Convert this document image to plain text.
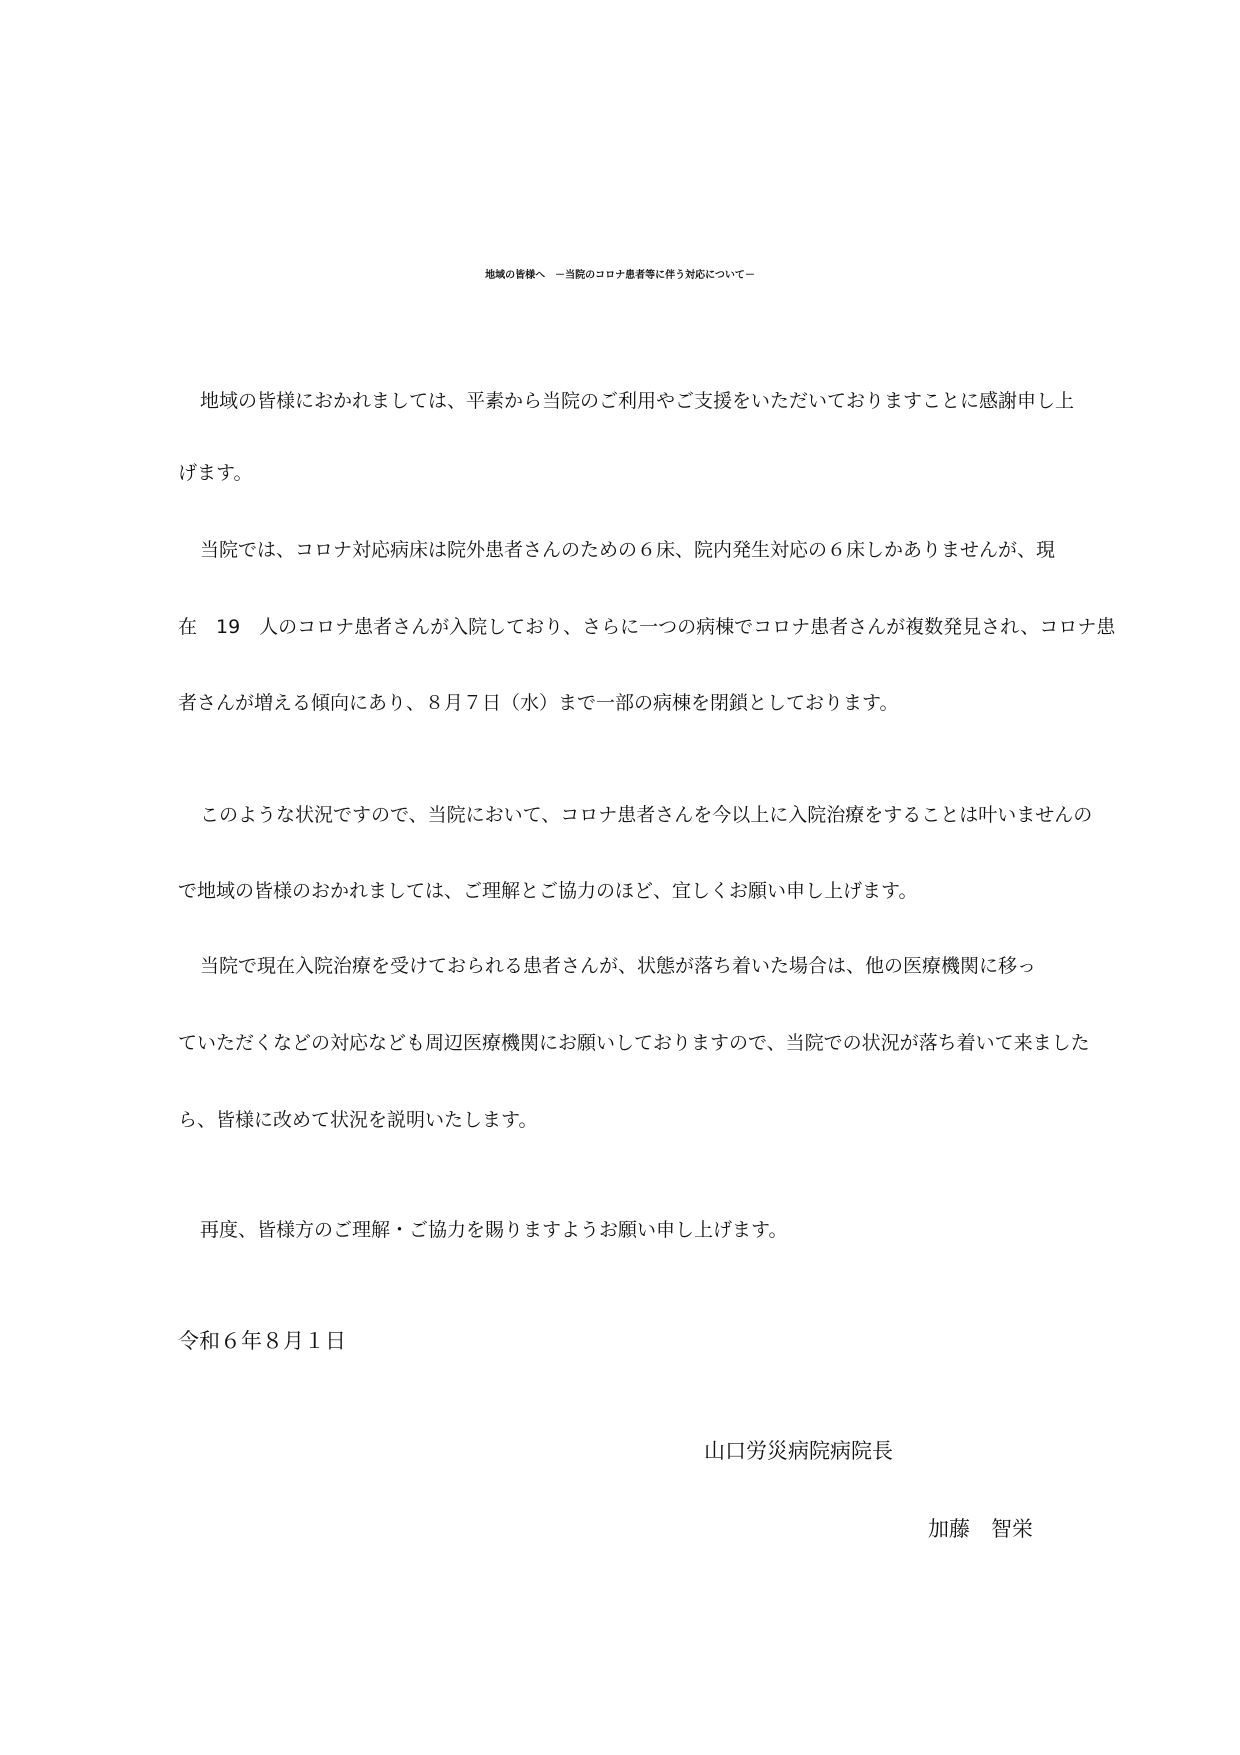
地域の皆様へ　－当院のコロナ患者等に伴う対応について－
地域の皆様におかれましては、平素から当院のご利用やご支援をいただいておりますことに感謝申し上
げます。
当院では、コロナ対応病床は院外患者さんのための６床、院内発生対応の６床しかありませんが、現
在　19　人のコロナ患者さんが入院しており、さらに一つの病棟でコロナ患者さんが複数発見され、コロナ患
者さんが増える傾向にあり、８月７日（水）まで一部の病棟を閉鎖としております。
このような状況ですので、当院において、コロナ患者さんを今以上に入院治療をすることは叶いませんの
で地域の皆様のおかれましては、ご理解とご協力のほど、宜しくお願い申し上げます。
当院で現在入院治療を受けておられる患者さんが、状態が落ち着いた場合は、他の医療機関に移っ
ていただくなどの対応なども周辺医療機関にお願いしておりますので、当院での状況が落ち着いて来ました
ら、皆様に改めて状況を説明いたします。
再度、皆様方のご理解・ご協力を賜りますようお願い申し上げます。
令和６年８月１日
山口労災病院病院長
加藤　智栄
